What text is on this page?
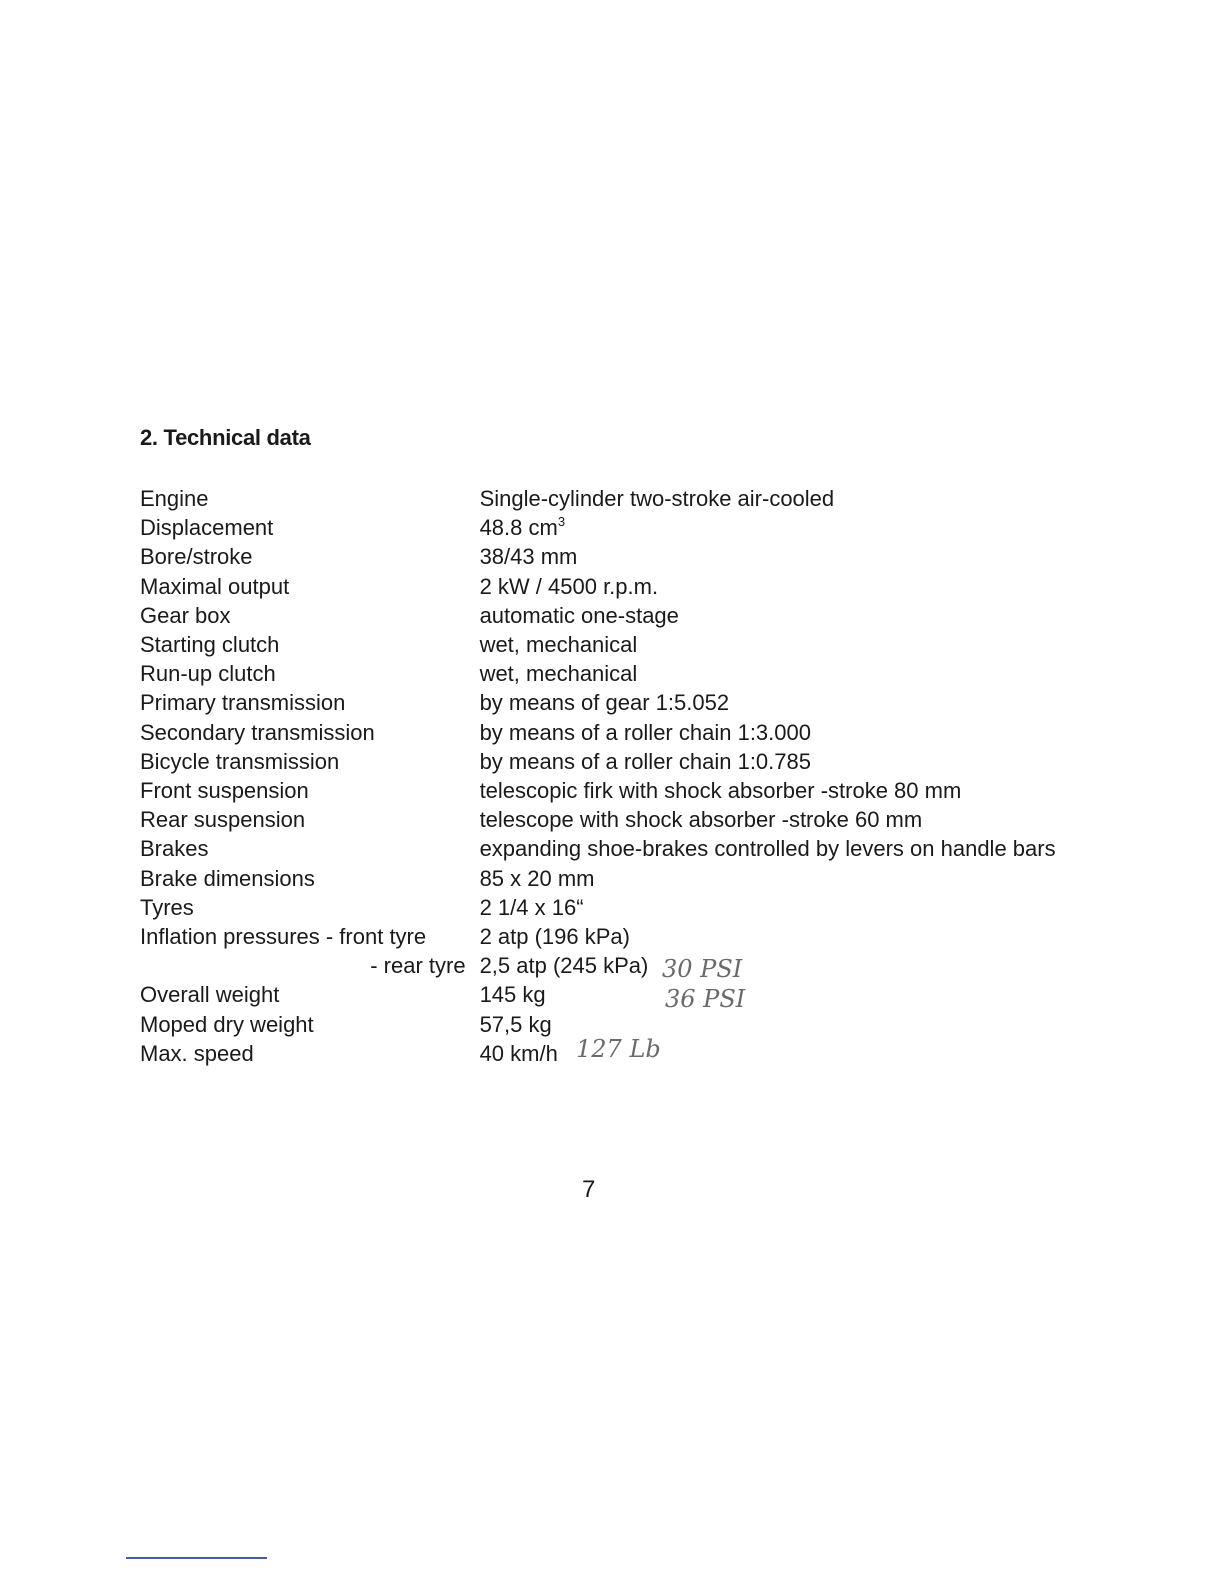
2. Technical data
Engine	Single-cylinder two-stroke air-cooled
Displacement	48.8 $cm^3$
Bore/stroke	38/43 mm
Maximal output	2 kW / 4500 r.p.m.
Gear box	automatic one-stage
Starting clutch	wet, mechanical
Run-up clutch	wet, mechanical
Primary transmission	by means of gear 1:5.052
Secondary transmission	by means of a roller chain 1:3.000
Bicycle transmission	by means of a roller chain 1:0.785
Front suspension	telescopic firk with shock absorber -stroke 80 mm
Rear suspension	telescope with shock absorber -stroke 60 mm
Brakes	expanding shoe-brakes controlled by levers on handle bars
Brake dimensions	85 x 20 mm
Tyres	2 1/4 x 16“
Inflation pressures - front tyre	2 atp (196 kPa)
- rear tyre	2,5 atp (245 kPa)
Overall weight	145 kg
Moped dry weight	57,5 kg
Max. speed	40 km/h
30 PSI
36 PSI
127 Lb
7
